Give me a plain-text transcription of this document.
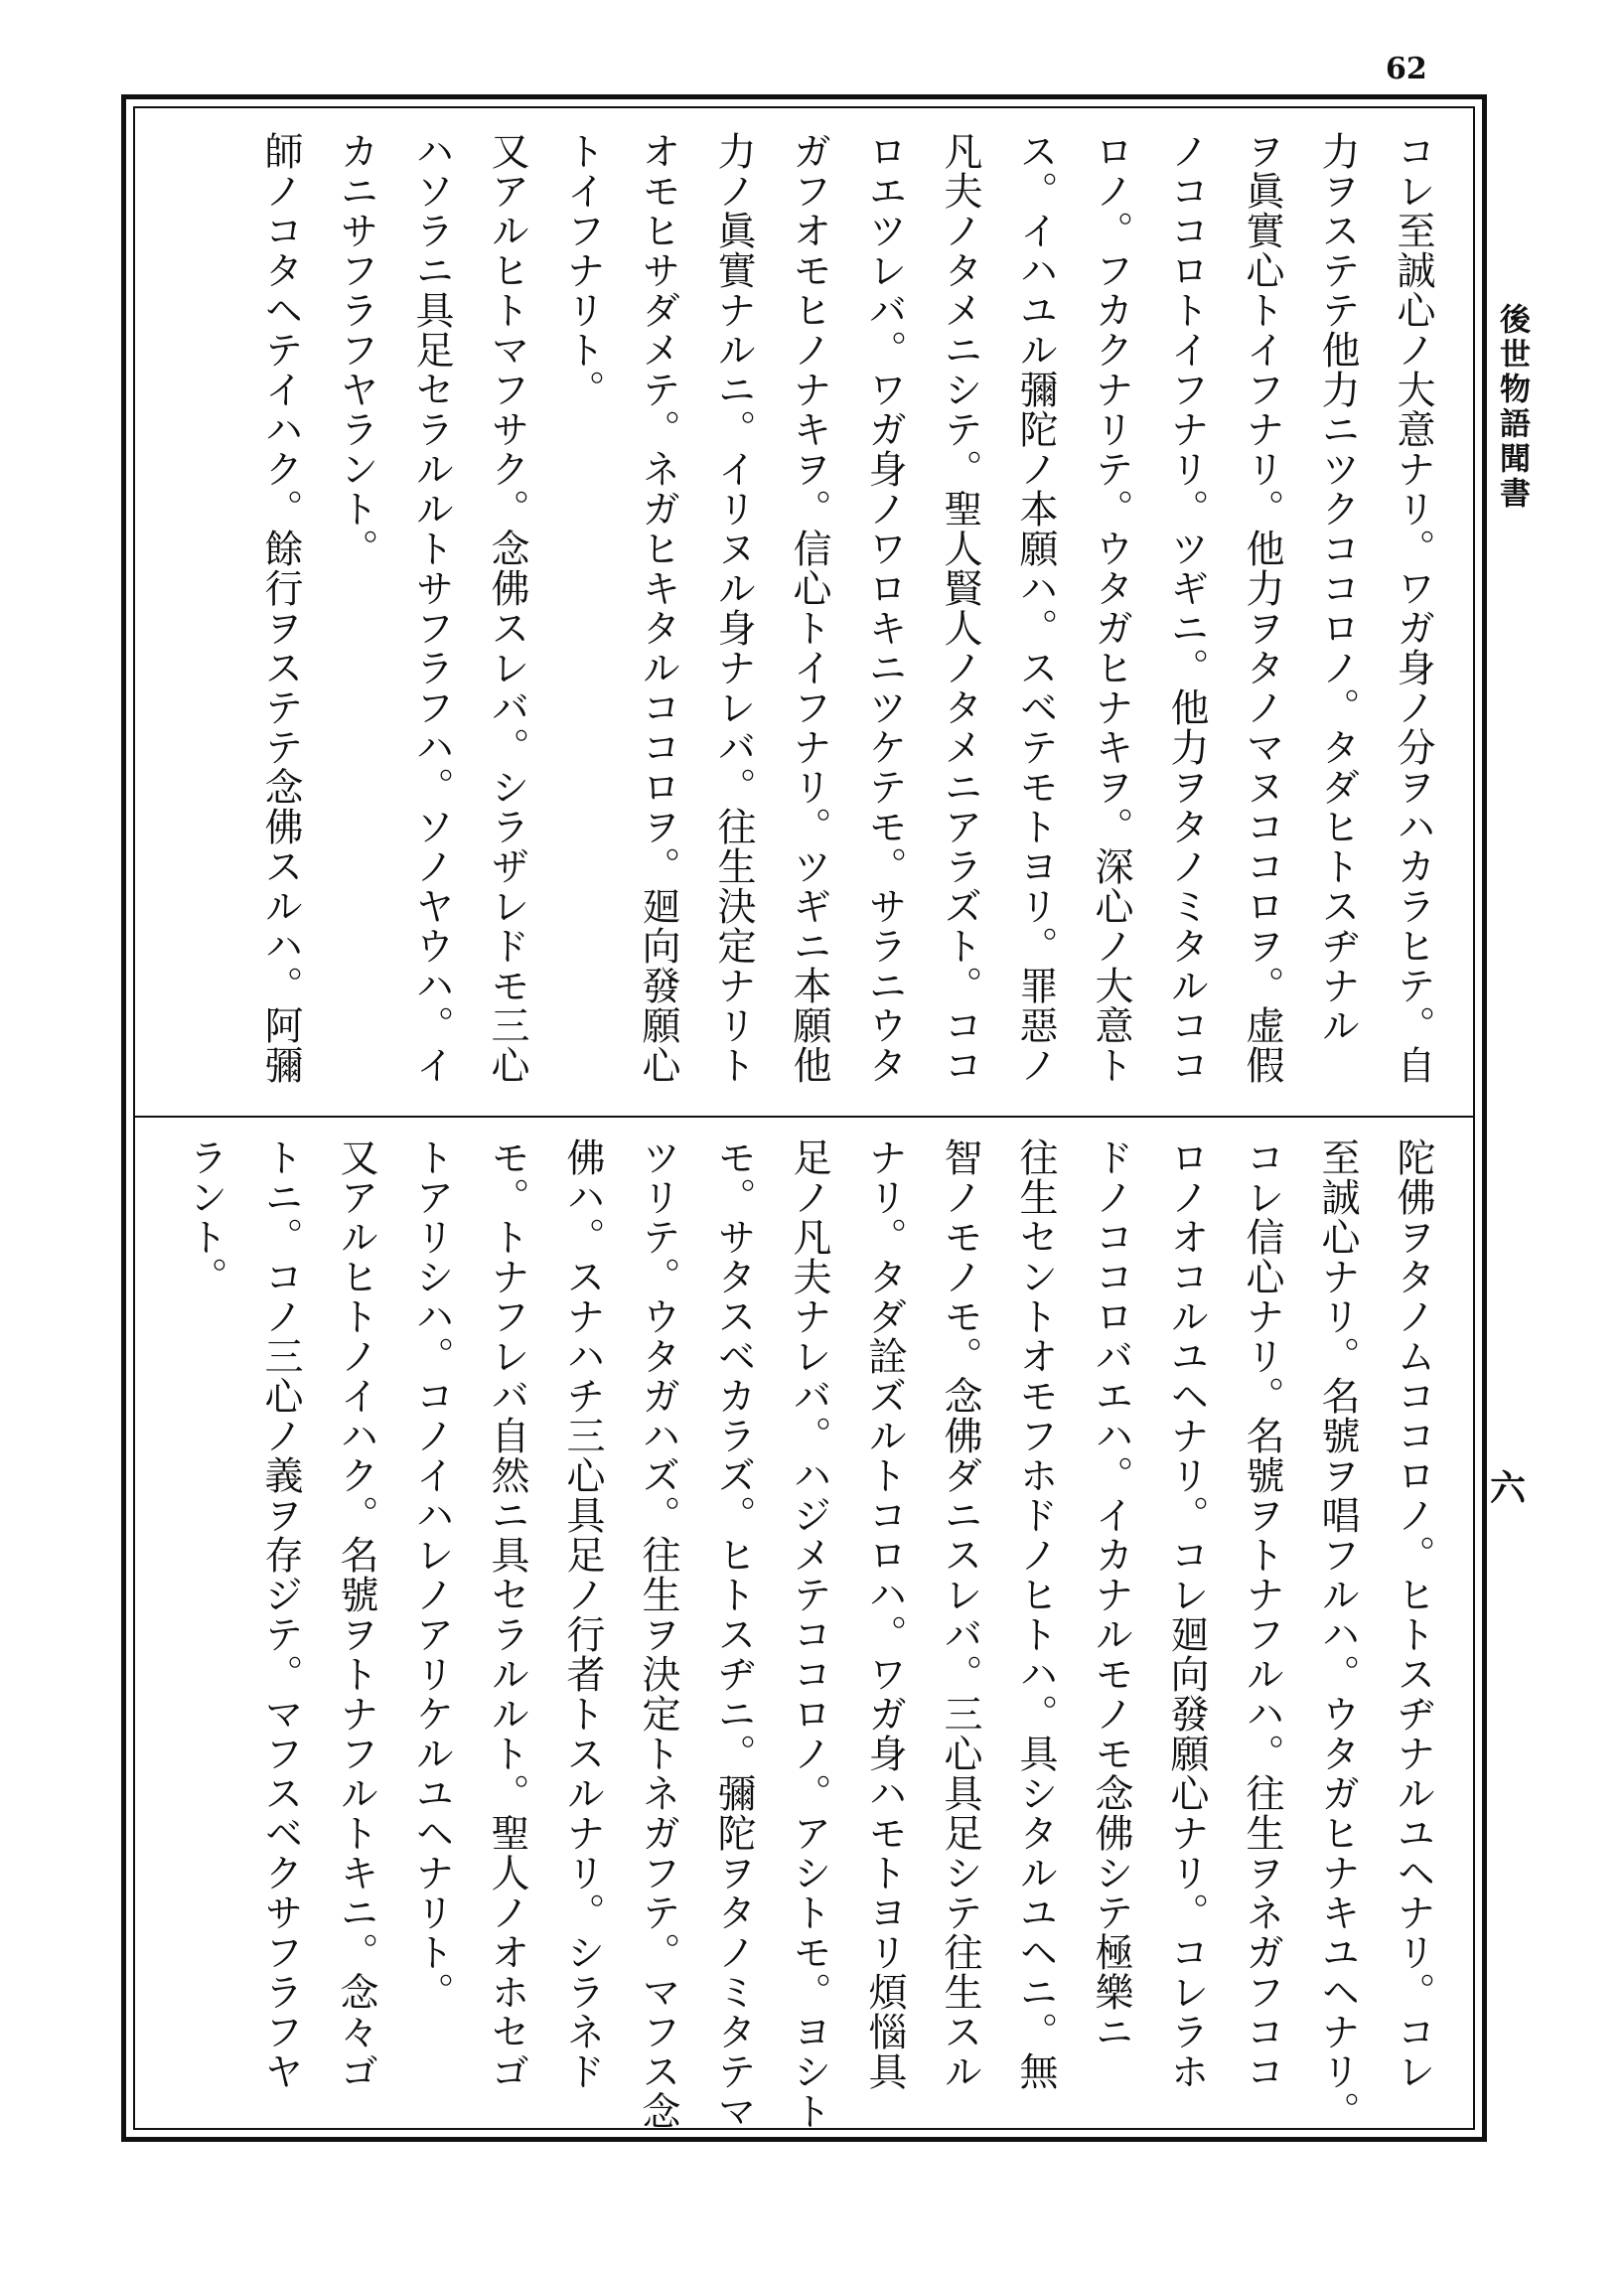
62
後世物語聞書
六
コレ至誠心ノ大意ナリ。ワガ身ノ分ヲハカラヒテ。自
力ヲステテ他力ニツクココロノ。タダヒトスヂナル
ヲ眞實心トイフナリ。他力ヲタノマヌココロヲ。虚假
ノココロトイフナリ。ツギニ。他力ヲタノミタルココ
ロノ。フカクナリテ。ウタガヒナキヲ。深心ノ大意ト
ス。イハユル彌陀ノ本願ハ。スベテモトヨリ。罪惡ノ
凡夫ノタメニシテ。聖人賢人ノタメニアラズト。ココ
ロエツレバ。ワガ身ノワロキニツケテモ。サラニウタ
ガフオモヒノナキヲ。信心トイフナリ。ツギニ本願他
力ノ眞實ナルニ。イリヌル身ナレバ。往生決定ナリト
オモヒサダメテ。ネガヒキタルココロヲ。廻向發願心
トイフナリト。
又アルヒトマフサク。念佛スレバ。シラザレドモ三心
ハソラニ具足セラルルトサフラフハ。ソノヤウハ。イ
カニサフラフヤラント。
師ノコタヘテイハク。餘行ヲステテ念佛スルハ。阿彌
陀佛ヲタノムココロノ。ヒトスヂナルユヘナリ。コレ
至誠心ナリ。名號ヲ唱フルハ。ウタガヒナキユヘナリ。
コレ信心ナリ。名號ヲトナフルハ。往生ヲネガフココ
ロノオコルユヘナリ。コレ廻向發願心ナリ。コレラホ
ドノココロバエハ。イカナルモノモ念佛シテ極樂ニ
往生セントオモフホドノヒトハ。具シタルユヘニ。無
智ノモノモ。念佛ダニスレバ。三心具足シテ往生スル
ナリ。タダ詮ズルトコロハ。ワガ身ハモトヨリ煩惱具
足ノ凡夫ナレバ。ハジメテココロノ。アシトモ。ヨシト
モ。サタスベカラズ。ヒトスヂニ。彌陀ヲタノミタテマ
ツリテ。ウタガハズ。往生ヲ決定トネガフテ。マフス念
佛ハ。スナハチ三心具足ノ行者トスルナリ。シラネド
モ。トナフレバ自然ニ具セラルルト。聖人ノオホセゴ
トアリシハ。コノイハレノアリケルユヘナリト。
又アルヒトノイハク。名號ヲトナフルトキニ。念々ゴ
トニ。コノ三心ノ義ヲ存ジテ。マフスベクサフラフヤ
ラント。
